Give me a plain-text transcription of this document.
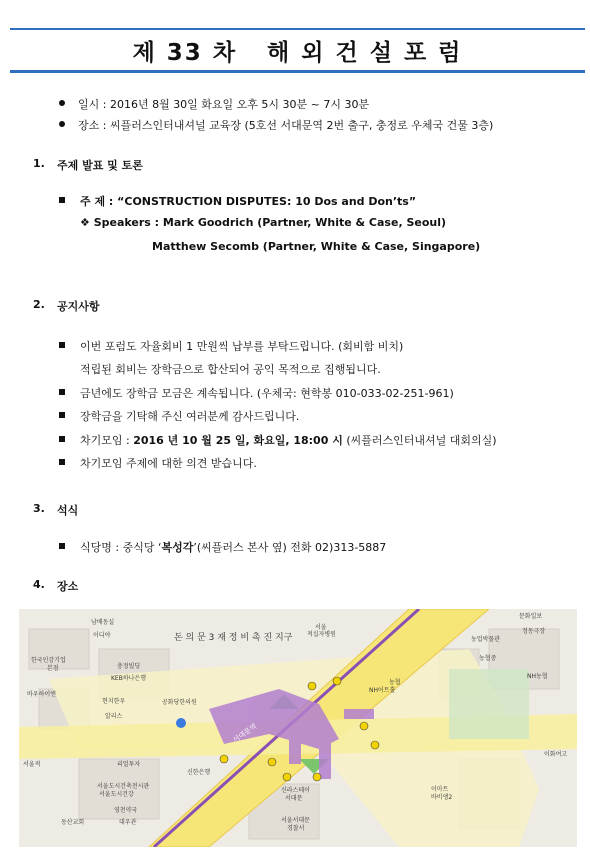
제 33 차   해 외 건 설 포 럼
일시 : 2016년 8월 30일 화요일 오후 5시 30분 ~ 7시 30분
장소 : 씨플러스인터내셔널 교육장 (5호선 서대문역 2번 출구, 충정로 우체국 건물 3층)
1. 주제 발표 및 토론
주 제 : “CONSTRUCTION DISPUTES: 10 Dos and Don’ts”
❖ Speakers : Mark Goodrich (Partner, White & Case, Seoul)
Matthew Secomb (Partner, White & Case, Singapore)
2. 공지사항
이번 포럼도 자율회비 1 만원씩 납부를 부탁드립니다. (회비함 비치)
적립된 회비는 장학금으로 합산되어 공익 목적으로 집행됩니다.
금년에도 장학금 모금은 계속됩니다. (우체국: 현학봉 010-033-02-251-961)
장학금을 기탁해 주신 여러분께 감사드립니다.
차기모임 : 2016 년 10 월 25 일, 화요일, 18:00 시 (씨플러스인터내셔널 대회의실)
차기모임 주제에 대한 의견 받습니다.
3. 석식
식당명 : 중식당 ‘복성각’(씨플러스 본사 옆) 전화 02)313-5887
4. 장소
남배동실
이디야
한국인감기업
본점	충정빌딩
KEB하나은행
바우하이엔
현지한우
알리스
공화당한의원
돈 의 문 3 재 정 비 촉 진 지구
서울
적십자병원
문화일보
정동극장
농업박물관
농협중
NH농협
농협
NH어트홀
이화여고
이마트
바비앵2
신한은행
신라스테이
서대문
서울서대문
경찰서
서울도시건축전시관
대우관
리얼투자
영천약국
동산교회
서울도시건강
서울적
서대문역
